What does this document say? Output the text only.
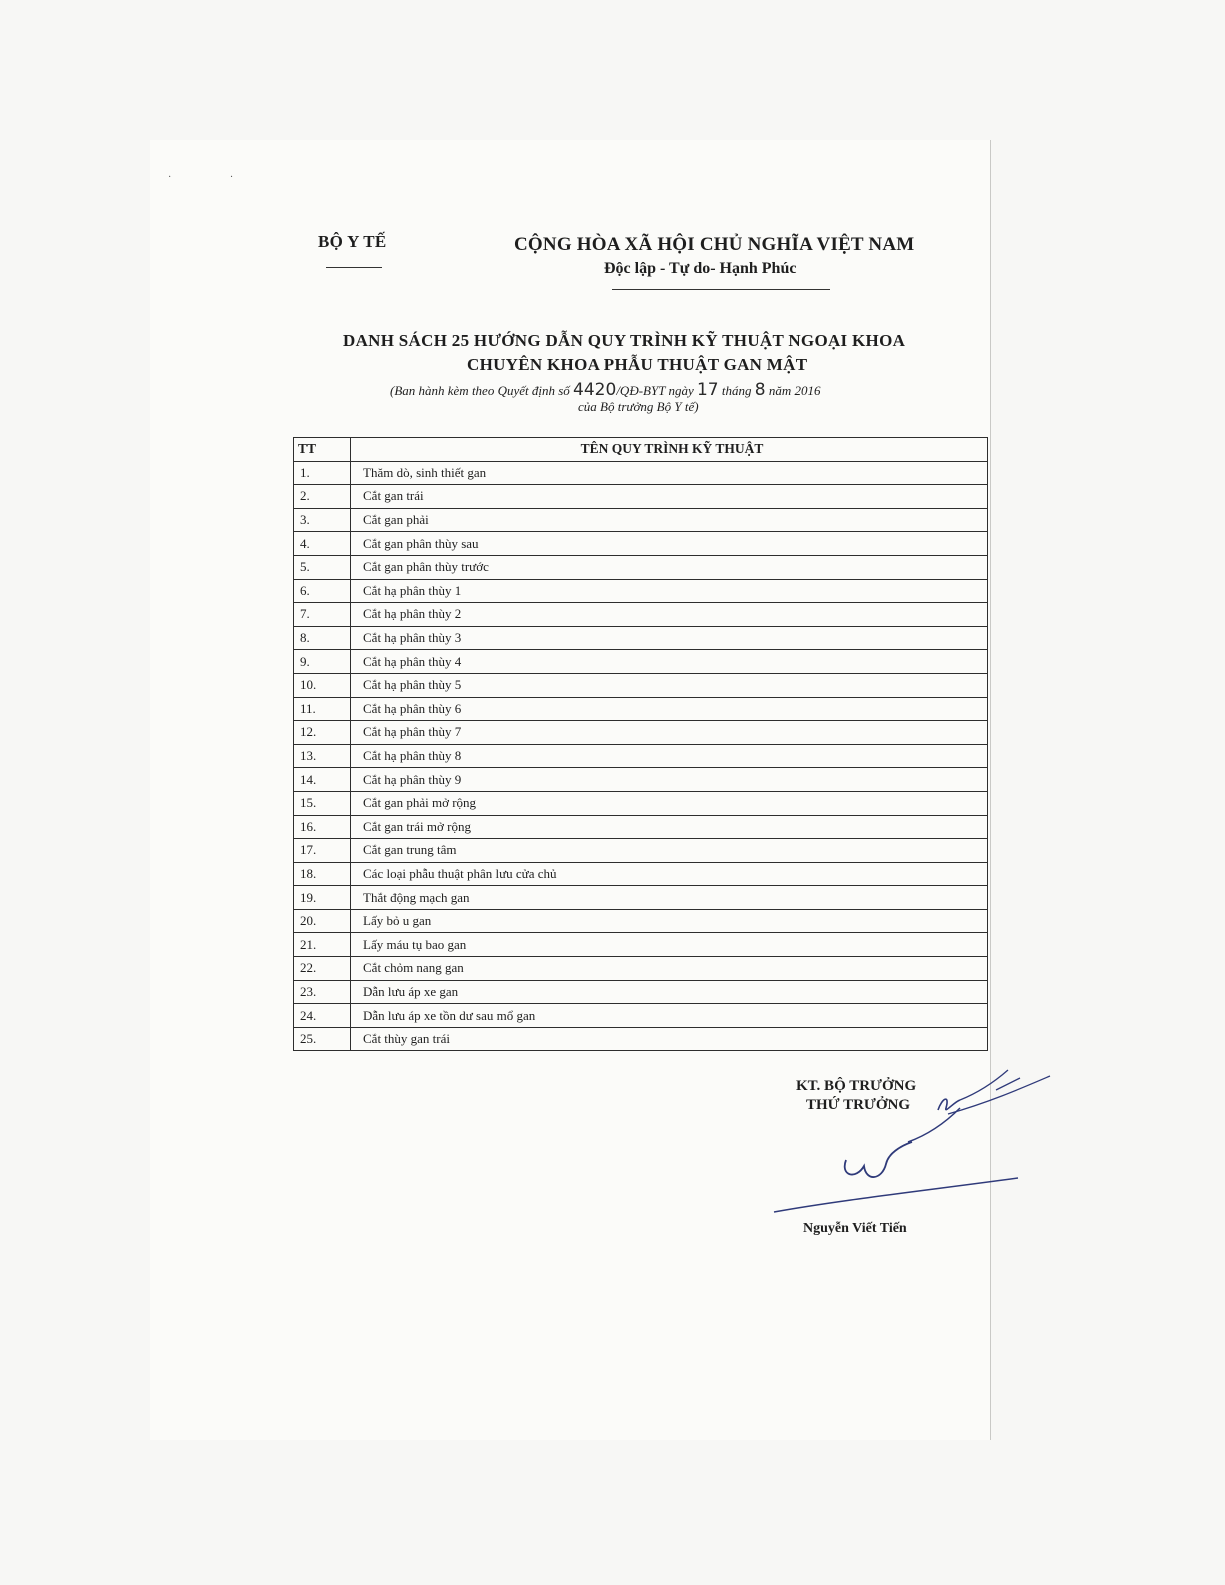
· ·
BỘ Y TẾ	CỘNG HÒA XÃ HỘI CHỦ NGHĨA VIỆT NAM
Độc lập - Tự do- Hạnh Phúc
DANH SÁCH 25 HƯỚNG DẪN QUY TRÌNH KỸ THUẬT NGOẠI KHOA
CHUYÊN KHOA PHẪU THUẬT GAN MẬT
(Ban hành kèm theo Quyết định số 4420/QĐ-BYT ngày 17 tháng 8 năm 2016
của Bộ trưởng Bộ Y tế)
TT	TÊN QUY TRÌNH KỸ THUẬT
1.	Thăm dò, sinh thiết gan
2.	Cắt gan trái
3.	Cắt gan phải
4.	Cắt gan phân thùy sau
5.	Cắt gan phân thùy trước
6.	Cắt hạ phân thùy 1
7.	Cắt hạ phân thùy 2
8.	Cắt hạ phân thùy 3
9.	Cắt hạ phân thùy 4
10.	Cắt hạ phân thùy 5
11.	Cắt hạ phân thùy 6
12.	Cắt hạ phân thùy 7
13.	Cắt hạ phân thùy 8
14.	Cắt hạ phân thùy 9
15.	Cắt gan phải mở rộng
16.	Cắt gan trái mở rộng
17.	Cắt gan trung tâm
18.	Các loại phẫu thuật phân lưu cửa chủ
19.	Thắt động mạch gan
20.	Lấy bỏ u gan
21.	Lấy máu tụ bao gan
22.	Cắt chỏm nang gan
23.	Dẫn lưu áp xe gan
24.	Dẫn lưu áp xe tồn dư sau mổ gan
25.	Cắt thùy gan trái
KT. BỘ TRƯỞNG
THỨ TRƯỞNG
Nguyễn Viết Tiến
